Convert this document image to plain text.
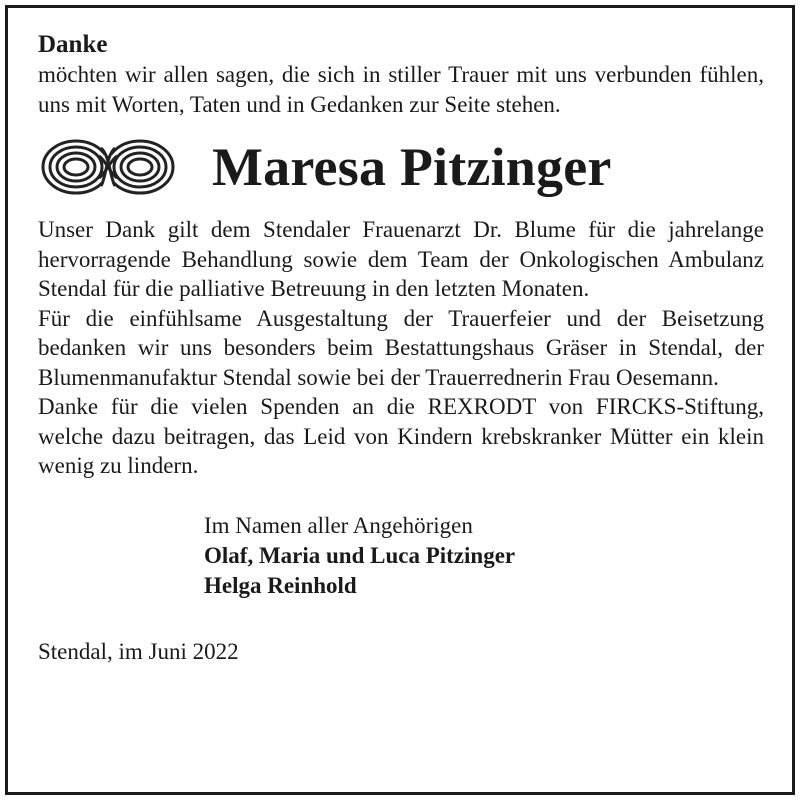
Danke

möchten wir allen sagen, die sich in stiller Trauer mit uns verbunden fühlen, uns mit Worten, Taten und in Gedanken zur Seite stehen.

Maresa Pitzinger

Unser Dank gilt dem Stendaler Frauenarzt Dr. Blume für die jahrelange hervorragende Behandlung sowie dem Team der Onkologischen Ambulanz Stendal für die palliative Betreuung in den letzten Monaten.

Für die einfühlsame Ausgestaltung der Trauerfeier und der Beisetzung bedanken wir uns besonders beim Bestattungshaus Gräser in Stendal, der Blumenmanufaktur Stendal sowie bei der Trauerrednerin Frau Oesemann.

Danke für die vielen Spenden an die REXRODT von FIRCKS-Stiftung, welche dazu beitragen, das Leid von Kindern krebskranker Mütter ein klein wenig zu lindern.

Im Namen aller Angehörigen
Olaf, Maria und Luca Pitzinger
Helga Reinhold
Stendal, im Juni 2022
